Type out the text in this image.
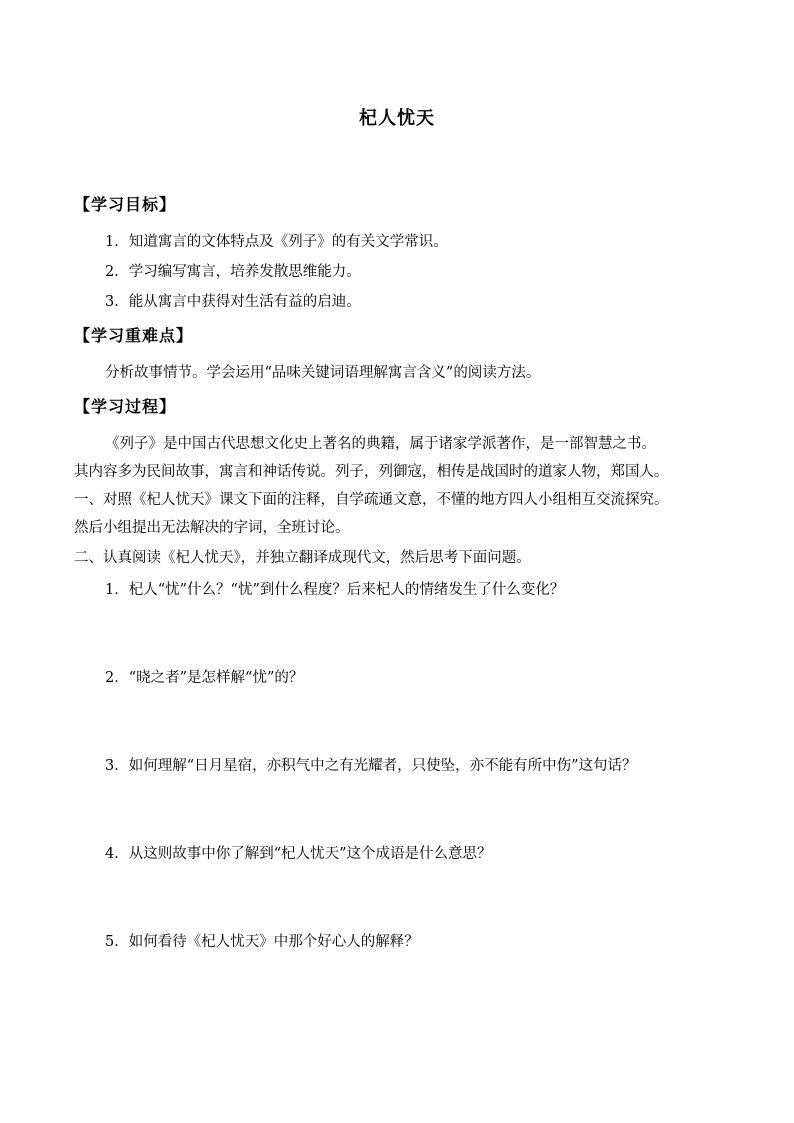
杞人忧天
【学习目标】
1．知道寓言的文体特点及《列子》的有关文学常识。
2．学习编写寓言，培养发散思维能力。
3．能从寓言中获得对生活有益的启迪。
【学习重难点】
分析故事情节。学会运用“品味关键词语理解寓言含义”的阅读方法。
【学习过程】
《列子》是中国古代思想文化史上著名的典籍，属于诸家学派著作，是一部智慧之书。
其内容多为民间故事，寓言和神话传说。列子，列御寇，相传是战国时的道家人物，郑国人。
一、对照《杞人忧天》课文下面的注释，自学疏通文意，不懂的地方四人小组相互交流探究。
然后小组提出无法解决的字词，全班讨论。
二、认真阅读《杞人忧天》，并独立翻译成现代文，然后思考下面问题。
1．杞人“忧”什么？“忧”到什么程度？后来杞人的情绪发生了什么变化？
2．“晓之者”是怎样解“忧”的？
3．如何理解“日月星宿，亦积气中之有光耀者，只使坠，亦不能有所中伤”这句话？
4．从这则故事中你了解到“杞人忧天”这个成语是什么意思？
5．如何看待《杞人忧天》中那个好心人的解释？
